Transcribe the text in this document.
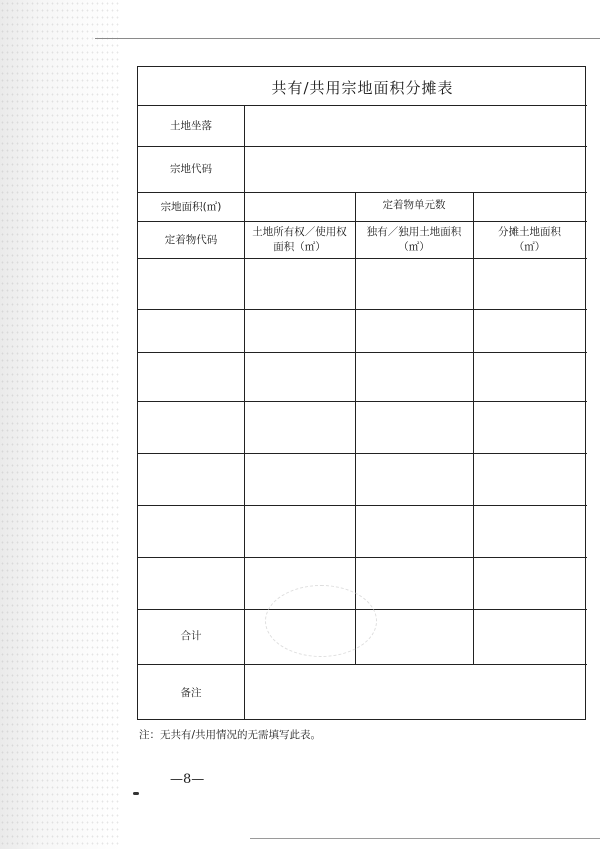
共有/共用宗地面积分摊表
土地坐落
宗地代码
宗地面积(㎡)	定着物单元数
定着物代码
土地所有权／使用权
面积（㎡）
独有／独用土地面积
（㎡）
分摊土地面积
（㎡）
合计
备注
注：无共有/共用情况的无需填写此表。
—8—
